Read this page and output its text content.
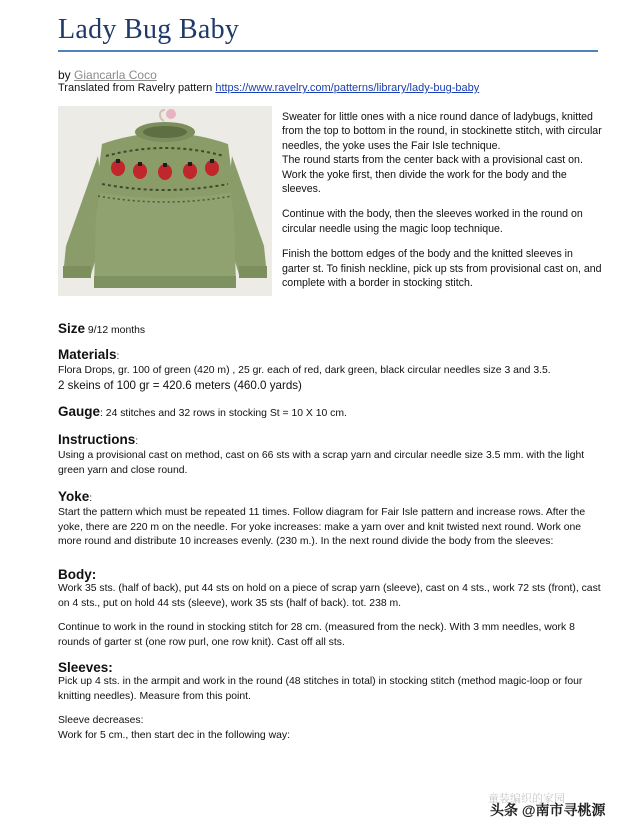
Lady Bug Baby
by Giancarla Coco
Translated from Ravelry pattern https://www.ravelry.com/patterns/library/lady-bug-baby

Sweater for little ones with a nice round dance of ladybugs, knitted from the top to bottom in the round, in stockinette stitch, with circular needles, the yoke uses the Fair Isle technique.
The round starts from the center back with a provisional cast on. Work the yoke first, then divide the work for the body and the sleeves.

Continue with the body, then the sleeves worked in the round on circular needle using the magic loop technique.

Finish the bottom edges of the body and the knitted sleeves in garter st. To finish neckline, pick up sts from provisional cast on, and complete with a border in stocking stitch.

Size 9/12 months
Materials:
Flora Drops, gr. 100 of green (420 m) , 25 gr. each of red, dark green, black circular needles size 3 and 3.5.
2 skeins of 100 gr = 420.6 meters (460.0 yards)
Gauge: 24 stitches and 32 rows in stocking St = 10 X 10 cm.
Instructions:
Using a provisional cast on method, cast on 66 sts with a scrap yarn and circular needle size 3.5 mm. with the light green yarn and close round.
Yoke:
Start the pattern which must be repeated 11 times. Follow diagram for Fair Isle pattern and increase rows. After the yoke, there are 220 m on the needle. For yoke increases: make a yarn over and knit twisted next round. Work one more round and distribute 10 increases evenly. (230 m.). In the next round divide the body from the sleeves:
Body:
Work 35 sts. (half of back), put 44 sts on hold on a piece of scrap yarn (sleeve), cast on 4 sts., work 72 sts (front), cast on 4 sts., put on hold 44 sts (sleeve), work 35 sts (half of back). tot. 238 m.
Continue to work in the round in stocking stitch for 28 cm. (measured from the neck). With 3 mm needles, work 8 rounds of garter st (one row purl, one row knit). Cast off all sts.
Sleeves:
Pick up 4 sts. in the armpit and work in the round (48 stitches in total) in stocking stitch (method magic-loop or four knitting needles). Measure from this point.
Sleeve decreases:
Work for 5 cm., then start dec in the following way:
童装编织的家园
头条 @南市寻桃源
